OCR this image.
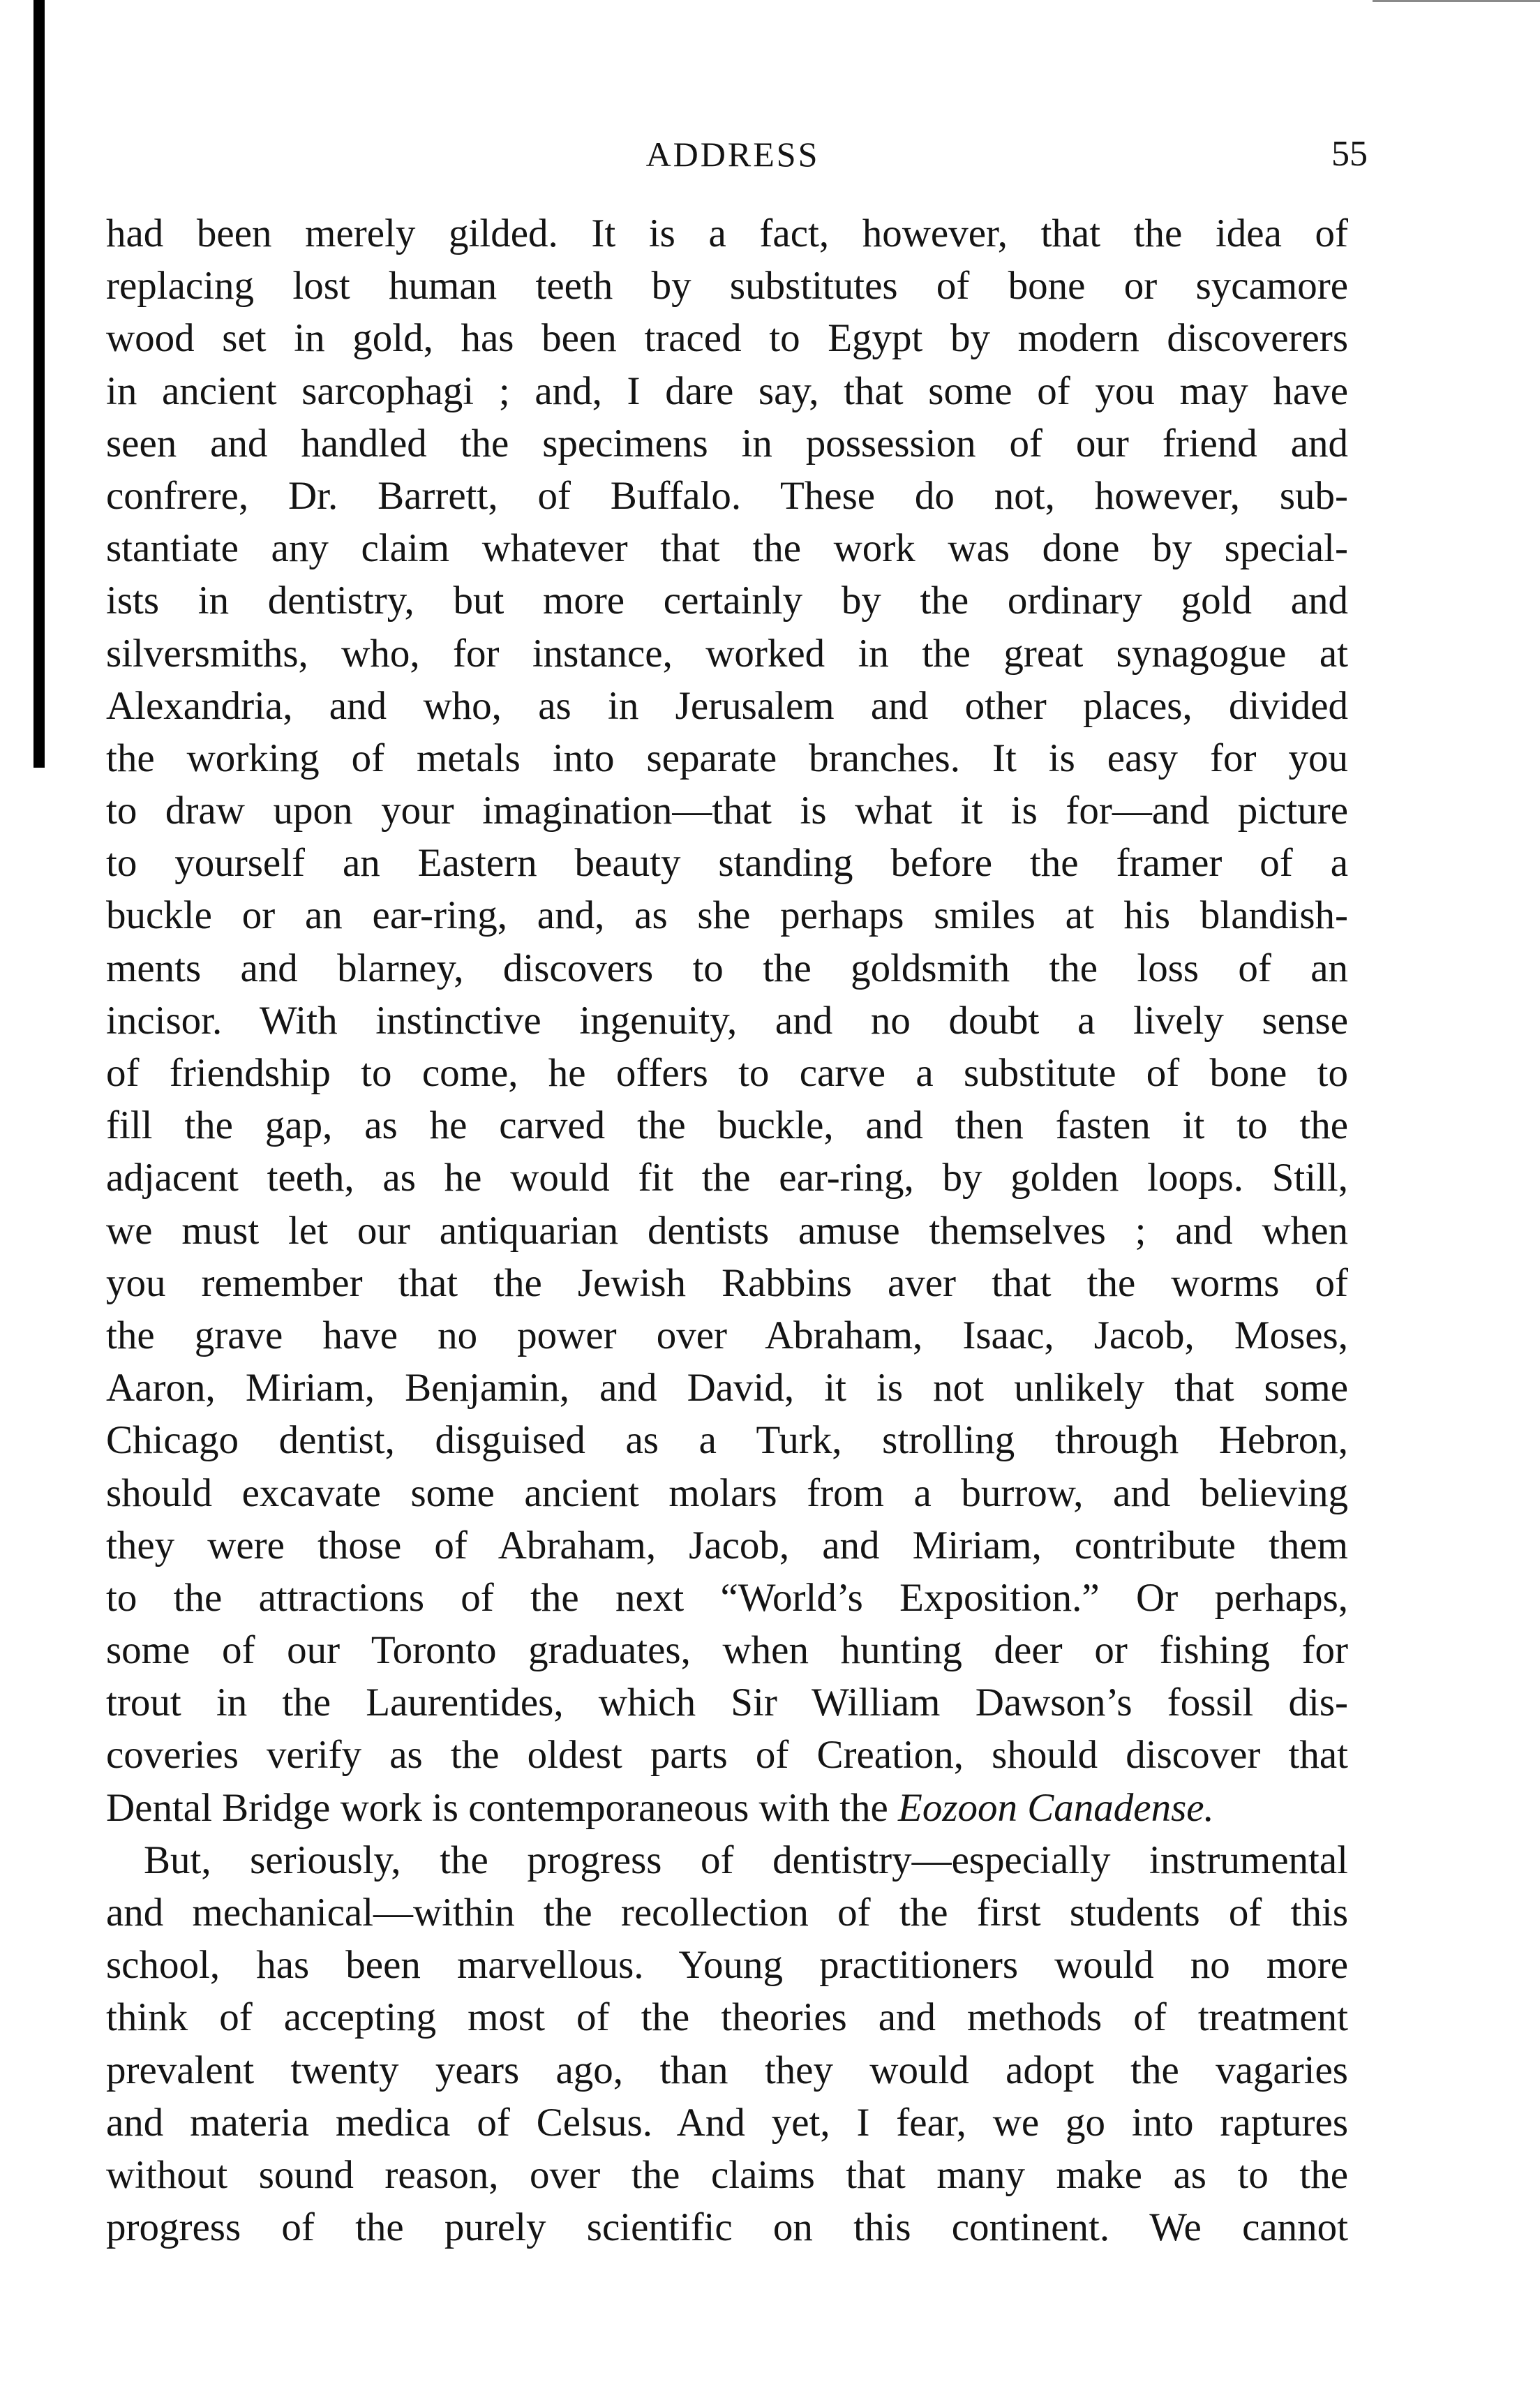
ADDRESS	55
had been merely gilded. It is a fact, however, that the idea of
replacing lost human teeth by substitutes of bone or sycamore
wood set in gold, has been traced to Egypt by modern discoverers
in ancient sarcophagi ; and, I dare say, that some of you may have
seen and handled the specimens in possession of our friend and
confrere, Dr. Barrett, of Buffalo. These do not, however, sub-
stantiate any claim whatever that the work was done by special-
ists in dentistry, but more certainly by the ordinary gold and
silversmiths, who, for instance, worked in the great synagogue at
Alexandria, and who, as in Jerusalem and other places, divided
the working of metals into separate branches. It is easy for you
to draw upon your imagination—that is what it is for—and picture
to yourself an Eastern beauty standing before the framer of a
buckle or an ear-ring, and, as she perhaps smiles at his blandish-
ments and blarney, discovers to the goldsmith the loss of an
incisor. With instinctive ingenuity, and no doubt a lively sense
of friendship to come, he offers to carve a substitute of bone to
fill the gap, as he carved the buckle, and then fasten it to the
adjacent teeth, as he would fit the ear-ring, by golden loops. Still,
we must let our antiquarian dentists amuse themselves ; and when
you remember that the Jewish Rabbins aver that the worms of
the grave have no power over Abraham, Isaac, Jacob, Moses,
Aaron, Miriam, Benjamin, and David, it is not unlikely that some
Chicago dentist, disguised as a Turk, strolling through Hebron,
should excavate some ancient molars from a burrow, and believing
they were those of Abraham, Jacob, and Miriam, contribute them
to the attractions of the next “World’s Exposition.” Or perhaps,
some of our Toronto graduates, when hunting deer or fishing for
trout in the Laurentides, which Sir William Dawson’s fossil dis-
coveries verify as the oldest parts of Creation, should discover that
Dental Bridge work is contemporaneous with the Eozoon Canadense.
But, seriously, the progress of dentistry—especially instrumental
and mechanical—within the recollection of the first students of this
school, has been marvellous. Young practitioners would no more
think of accepting most of the theories and methods of treatment
prevalent twenty years ago, than they would adopt the vagaries
and materia medica of Celsus. And yet, I fear, we go into raptures
without sound reason, over the claims that many make as to the
progress of the purely scientific on this continent. We cannot
